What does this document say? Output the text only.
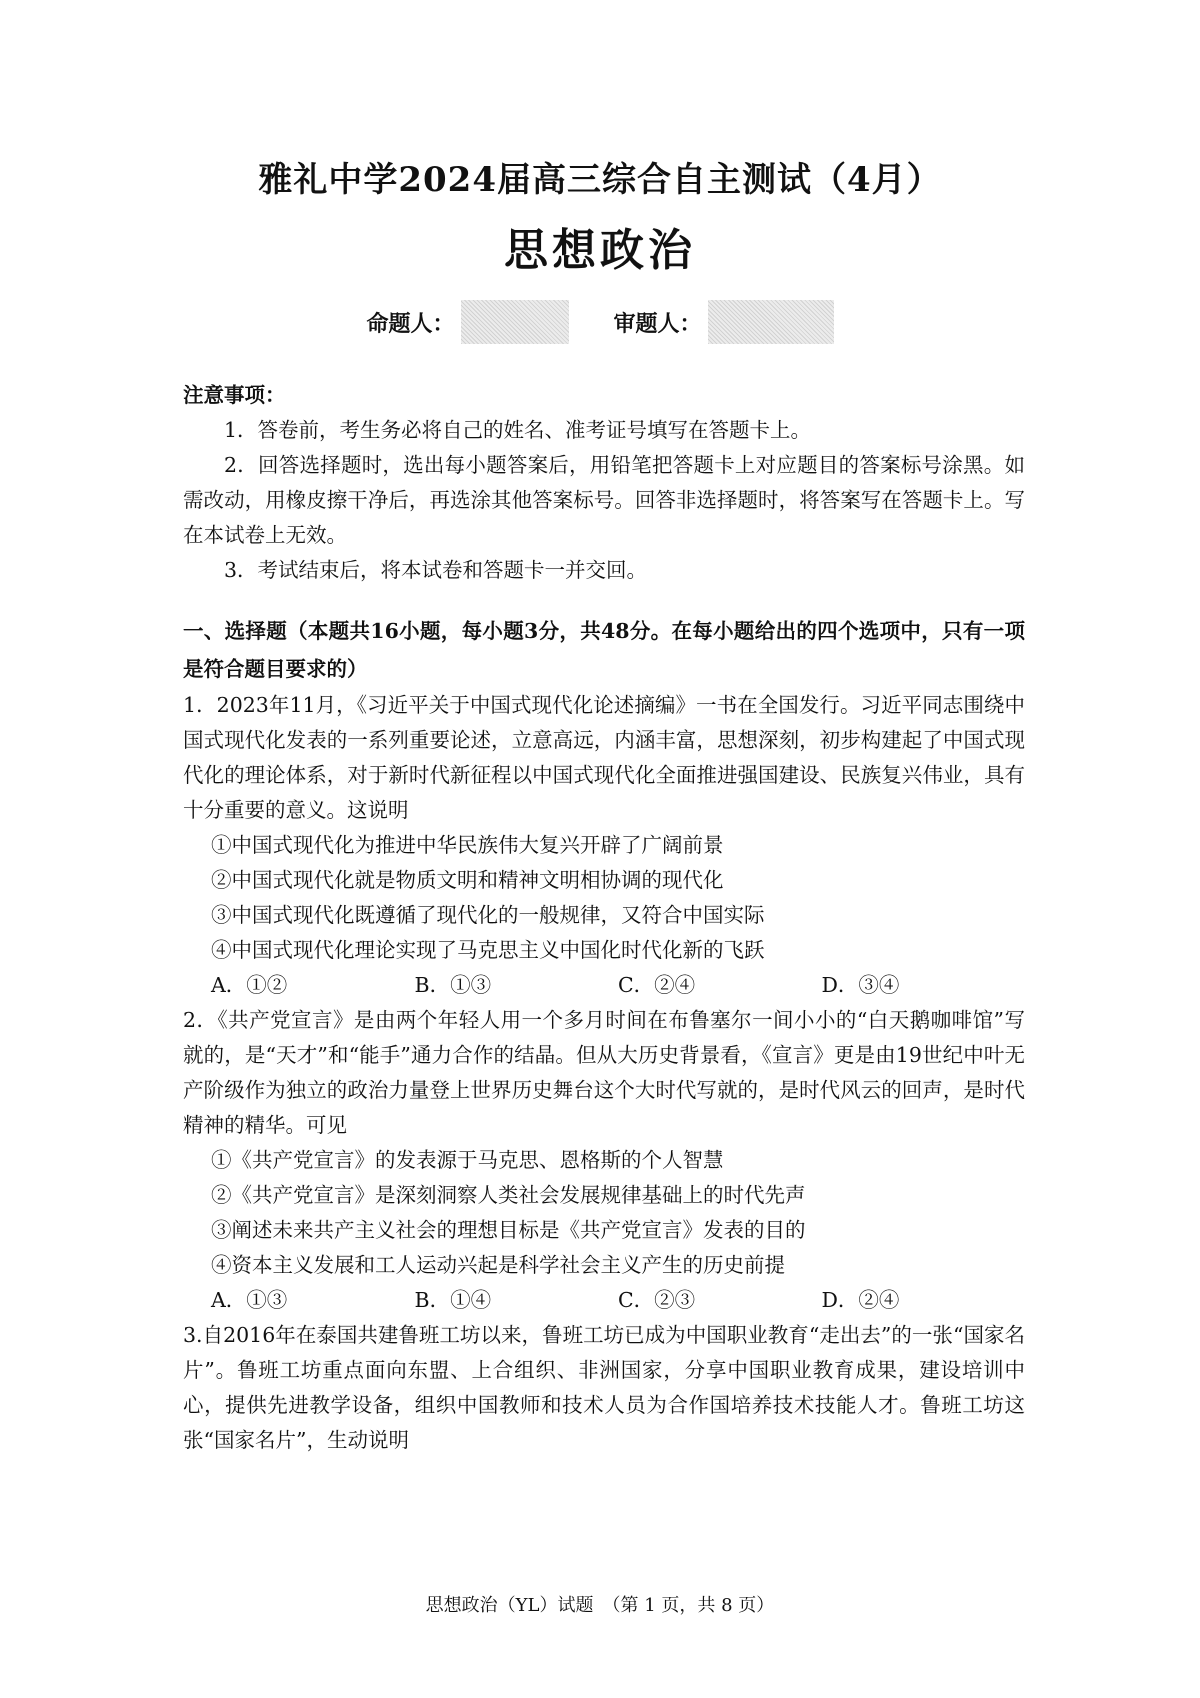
雅礼中学2024届高三综合自主测试（4月）
思想政治
命题人：	审题人：

注意事项：

1．答卷前，考生务必将自己的姓名、准考证号填写在答题卡上。

2．回答选择题时，选出每小题答案后，用铅笔把答题卡上对应题目的答案标号涂黑。如需改动，用橡皮擦干净后，再选涂其他答案标号。回答非选择题时，将答案写在答题卡上。写在本试卷上无效。

3．考试结束后，将本试卷和答题卡一并交回。

一、选择题（本题共16小题，每小题3分，共48分。在每小题给出的四个选项中，只有一项是符合题目要求的）

1．2023年11月，《习近平关于中国式现代化论述摘编》一书在全国发行。习近平同志围绕中国式现代化发表的一系列重要论述，立意高远，内涵丰富，思想深刻，初步构建起了中国式现代化的理论体系，对于新时代新征程以中国式现代化全面推进强国建设、民族复兴伟业，具有十分重要的意义。这说明

①中国式现代化为推进中华民族伟大复兴开辟了广阔前景

②中国式现代化就是物质文明和精神文明相协调的现代化

③中国式现代化既遵循了现代化的一般规律，又符合中国实际

④中国式现代化理论实现了马克思主义中国化时代化新的飞跃

A．①②	B．①③	C．②④	D．③④

2．《共产党宣言》是由两个年轻人用一个多月时间在布鲁塞尔一间小小的“白天鹅咖啡馆”写就的，是“天才”和“能手”通力合作的结晶。但从大历史背景看，《宣言》更是由19世纪中叶无产阶级作为独立的政治力量登上世界历史舞台这个大时代写就的，是时代风云的回声，是时代精神的精华。可见

①《共产党宣言》的发表源于马克思、恩格斯的个人智慧

②《共产党宣言》是深刻洞察人类社会发展规律基础上的时代先声

③阐述未来共产主义社会的理想目标是《共产党宣言》发表的目的

④资本主义发展和工人运动兴起是科学社会主义产生的历史前提

A．①③	B．①④	C．②③	D．②④

3.自2016年在泰国共建鲁班工坊以来，鲁班工坊已成为中国职业教育“走出去”的一张“国家名片”。鲁班工坊重点面向东盟、上合组织、非洲国家，分享中国职业教育成果，建设培训中心，提供先进教学设备，组织中国教师和技术人员为合作国培养技术技能人才。鲁班工坊这张“国家名片”，生动说明

思想政治（YL）试题　（第 1 页，共 8 页）
